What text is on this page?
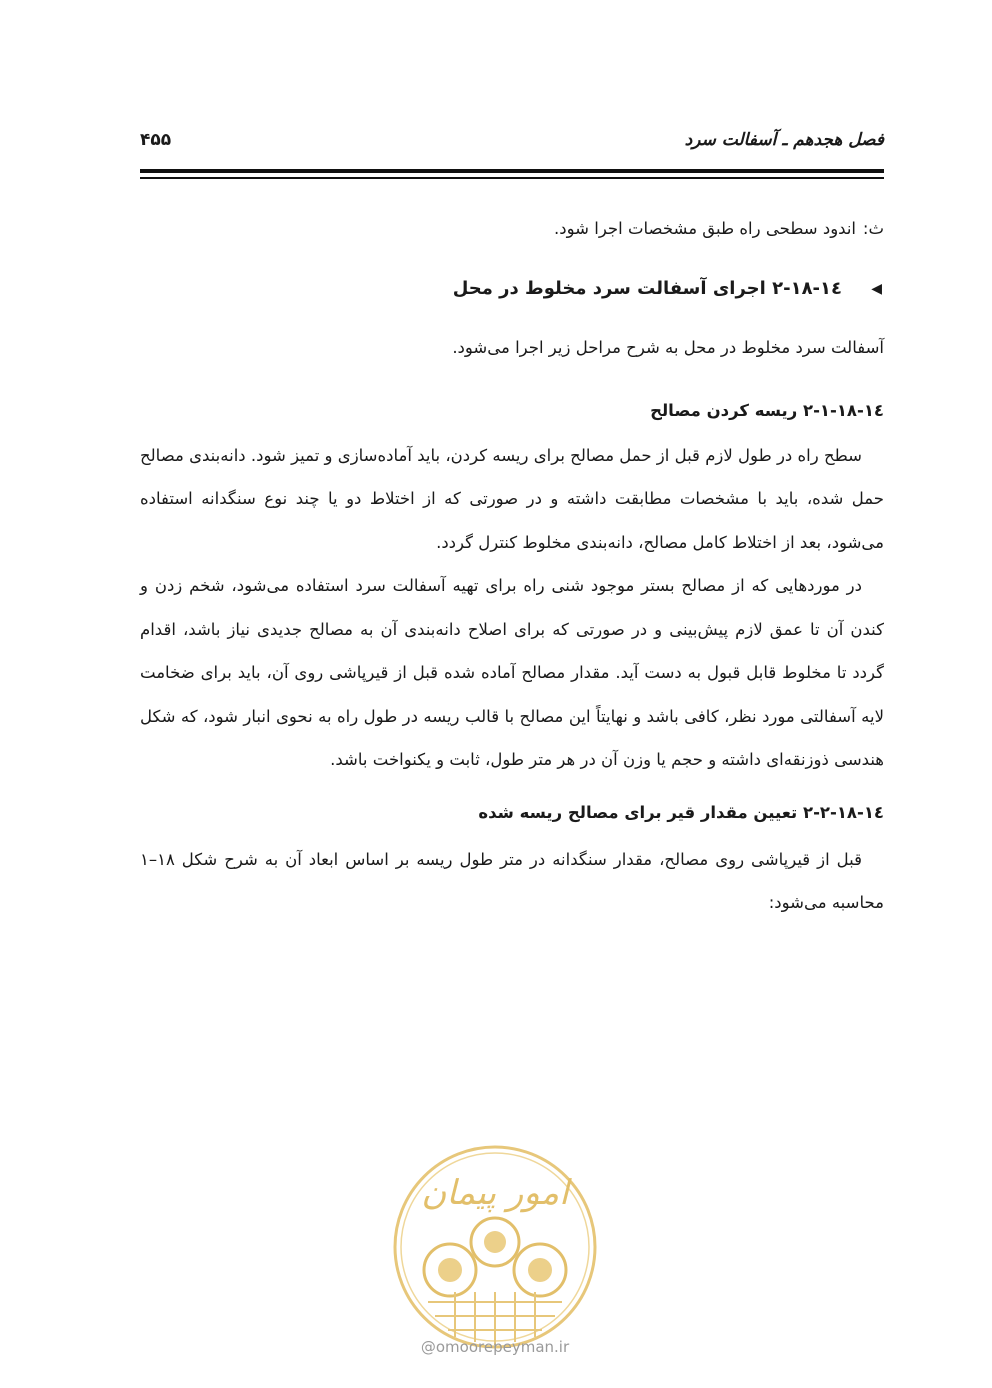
فصل هجدهم ـ آسفالت سرد
۴۵۵

ث:اندود سطحی راه طبق مشخصات اجرا شود.

◀
۱۸-۱٤-۲ اجرای آسفالت سرد مخلوط در محل

آسفالت سرد مخلوط در محل به شرح مراحل زیر اجرا می‌شود.

۱۸-۱٤-۲-۱ ریسه کردن مصالح

سطح راه در طول لازم قبل از حمل مصالح برای ریسه کردن، باید آماده‌سازی و تمیز شود. دانه‌بندی مصالح حمل شده، باید با مشخصات مطابقت داشته و در صورتی که از اختلاط دو یا چند نوع سنگدانه استفاده می‌شود، بعد از اختلاط کامل مصالح، دانه‌بندی مخلوط کنترل گردد.

در موردهایی که از مصالح بستر موجود شنی راه برای تهیه آسفالت سرد استفاده می‌شود، شخم زدن و کندن آن تا عمق لازم پیش‌بینی و در صورتی که برای اصلاح دانه‌بندی آن به مصالح جدیدی نیاز باشد، اقدام گردد تا مخلوط قابل قبول به دست آید. مقدار مصالح آماده شده قبل از قیرپاشی روی آن، باید برای ضخامت لایه آسفالتی مورد نظر، کافی باشد و نهایتاً این مصالح با قالب ریسه در طول راه به نحوی انبار شود، که شکل هندسی ذوزنقه‌ای داشته و حجم یا وزن آن در هر متر طول، ثابت و یکنواخت باشد.

۱۸-۱٤-۲-۲ تعیین مقدار قیر برای مصالح ریسه شده

قبل از قیرپاشی روی مصالح، مقدار سنگدانه در متر طول ریسه بر اساس ابعاد آن به شرح شکل ۱۸–۱ محاسبه می‌شود:

امور پیمان
@omoorepeyman.ir
